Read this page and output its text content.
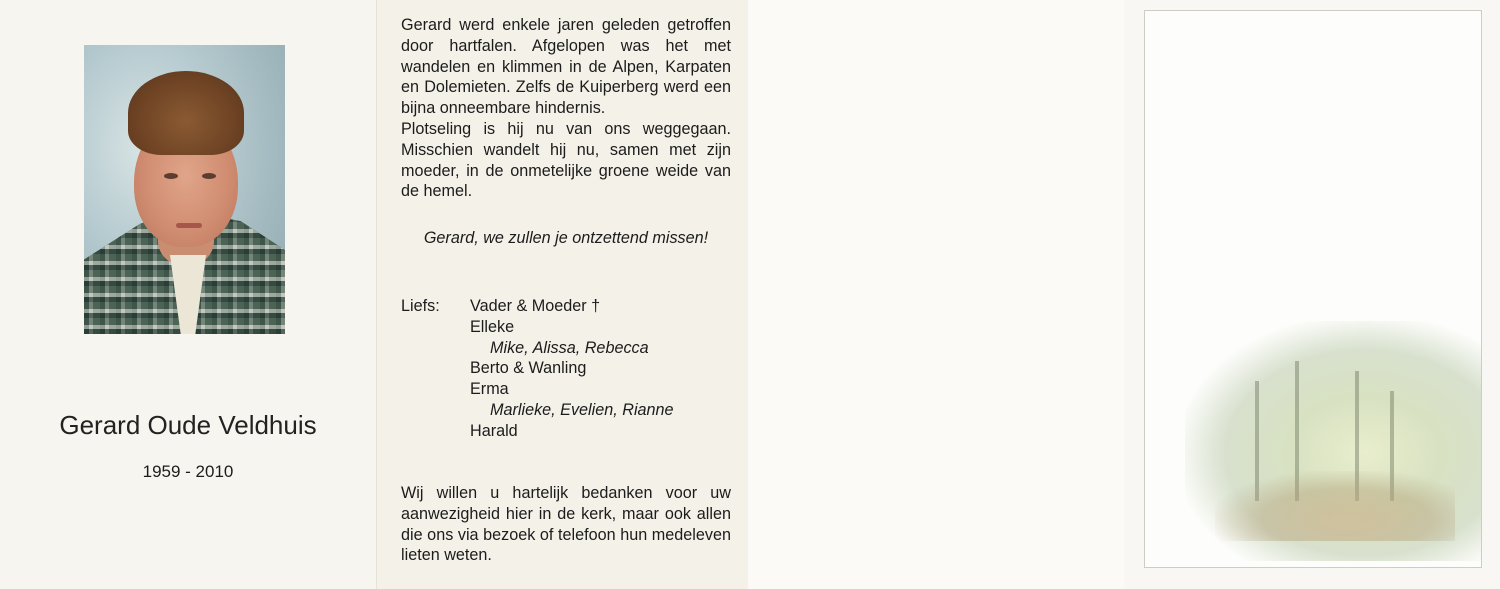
Gerard Oude Veldhuis
1959 - 2010

Gerard werd enkele jaren geleden getroffen door hartfalen. Afgelopen was het met wandelen en klimmen in de Alpen, Karpaten en Dolemieten. Zelfs de Kuiperberg werd een bijna onneembare hindernis.

Plotseling is hij nu van ons weggegaan. Misschien wandelt hij nu, samen met zijn moeder, in de onmetelijke groene weide van de hemel.

Gerard, we zullen je ontzettend missen!
Liefs: Vader & Moeder †
Elleke
Mike, Alissa, Rebecca
Berto & Wanling
Erma
Marlieke, Evelien, Rianne
Harald
Wij willen u hartelijk bedanken voor uw aanwezigheid hier in de kerk, maar ook allen die ons via bezoek of telefoon hun medeleven lieten weten.
